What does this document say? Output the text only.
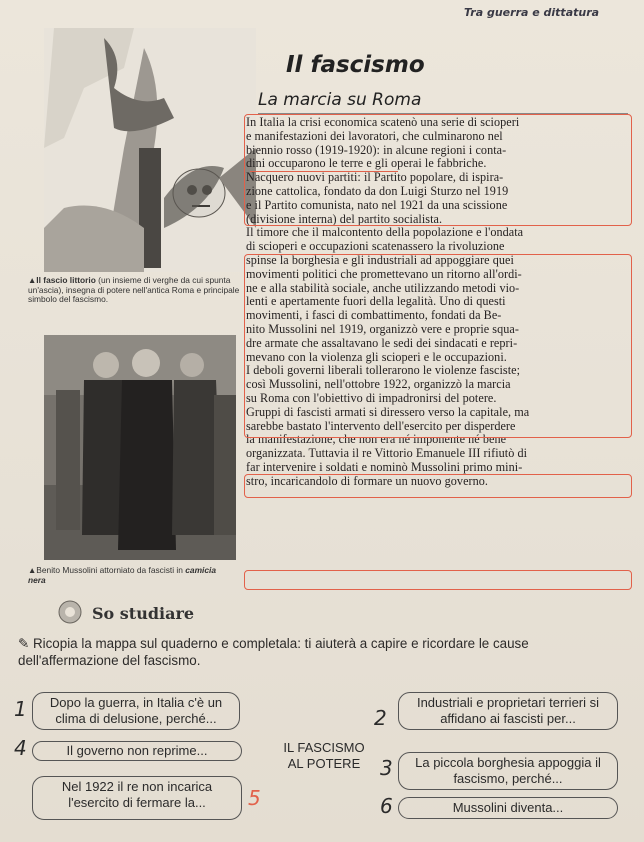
Tra guerra e dittatura
▲Il fascio littorio (un insieme di verghe da cui spunta un'ascia), insegna di potere nell'antica Roma e principale simbolo del fascismo.
▲Benito Mussolini attorniato da fascisti in camicia nera
Il fascismo
La marcia su Roma
In Italia la crisi economica scatenò una serie di scioperi
e manifestazioni dei lavoratori, che culminarono nel
biennio rosso (1919-1920): in alcune regioni i conta-
dini occuparono le terre e gli operai le fabbriche.
Nacquero nuovi partiti: il Partito popolare, di ispira-
zione cattolica, fondato da don Luigi Sturzo nel 1919
e il Partito comunista, nato nel 1921 da una scissione
(divisione interna) del partito socialista.
Il timore che il malcontento della popolazione e l'ondata
di scioperi e occupazioni scatenassero la rivoluzione
spinse la borghesia e gli industriali ad appoggiare quei
movimenti politici che promettevano un ritorno all'ordi-
ne e alla stabilità sociale, anche utilizzando metodi vio-
lenti e apertamente fuori della legalità. Uno di questi
movimenti, i fasci di combattimento, fondati da Be-
nito Mussolini nel 1919, organizzò vere e proprie squa-
dre armate che assaltavano le sedi dei sindacati e repri-
mevano con la violenza gli scioperi e le occupazioni.
I deboli governi liberali tollerarono le violenze fasciste;
così Mussolini, nell'ottobre 1922, organizzò la marcia
su Roma con l'obiettivo di impadronirsi del potere.
Gruppi di fascisti armati si diressero verso la capitale, ma
sarebbe bastato l'intervento dell'esercito per disperdere
la manifestazione, che non era né imponente né bene
organizzata. Tuttavia il re Vittorio Emanuele III rifiutò di
far intervenire i soldati e nominò Mussolini primo mini-
stro, incaricandolo di formare un nuovo governo.
So studiare
✎ Ricopia la mappa sul quaderno e completala: ti aiuterà a capire e ricordare le cause dell'affermazione del fascismo.
Dopo la guerra, in Italia c'è un clima di delusione, perché...
Industriali e proprietari terrieri si affidano ai fascisti per...
La piccola borghesia appoggia il fascismo, perché...
Il governo non reprime...
Nel 1922 il re non incarica l'esercito di fermare la...	Mussolini diventa...
IL FASCISMO
AL POTERE
1	2
3
4
5	6
